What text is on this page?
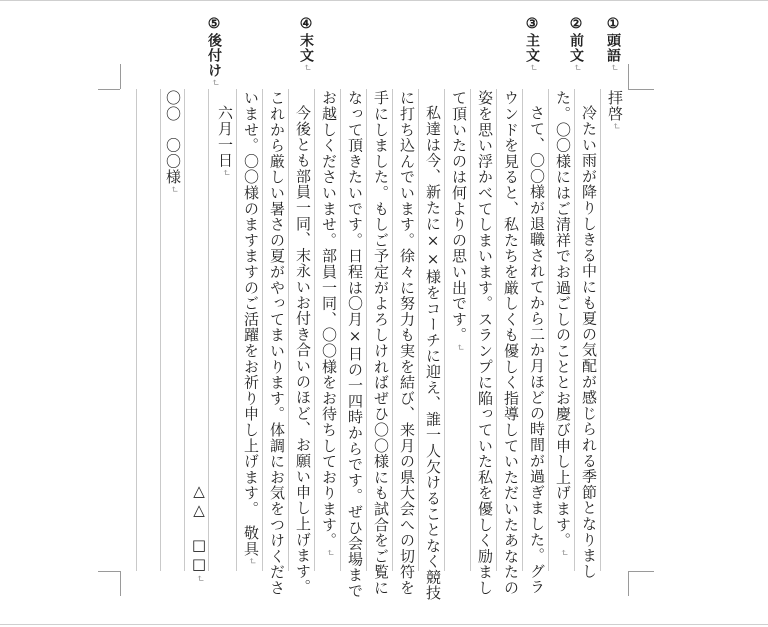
①頭語↵
②前文↵
③主文↵
④末文↵
⑤後付け↵
拝啓↵
冷たい雨が降りしきる中にも夏の気配が感じられる季節となりまし
た。〇〇様にはご清祥でお過ごしのこととお慶び申し上げます。↵
さて、〇〇様が退職されてから二か月ほどの時間が過ぎました。グラ
ウンドを見ると、私たちを厳しくも優しく指導していただいたあなたの
姿を思い浮かべてしまいます。スランプに陥っていた私を優しく励まし
て頂いたのは何よりの思い出です。↵
私達は今、新たに××様をコーチに迎え、誰一人欠けることなく競技
に打ち込んでいます。徐々に努力も実を結び、来月の県大会への切符を
手にしました。もしご予定がよろしければぜひ〇〇様にも試合をご覧に
なって頂きたいです。日程は〇月×日の一四時からです。ぜひ会場まで
お越しくださいませ。部員一同、〇〇様をお待ちしております。↵
今後とも部員一同、末永いお付き合いのほど、お願い申し上げます。
これから厳しい暑さの夏がやってまいります。体調にお気をつけくださ
いませ。〇〇様のますますのご活躍をお祈り申し上げます。　敬具↵
六月一日↵
△△　□□↵
〇〇　〇〇様↵
